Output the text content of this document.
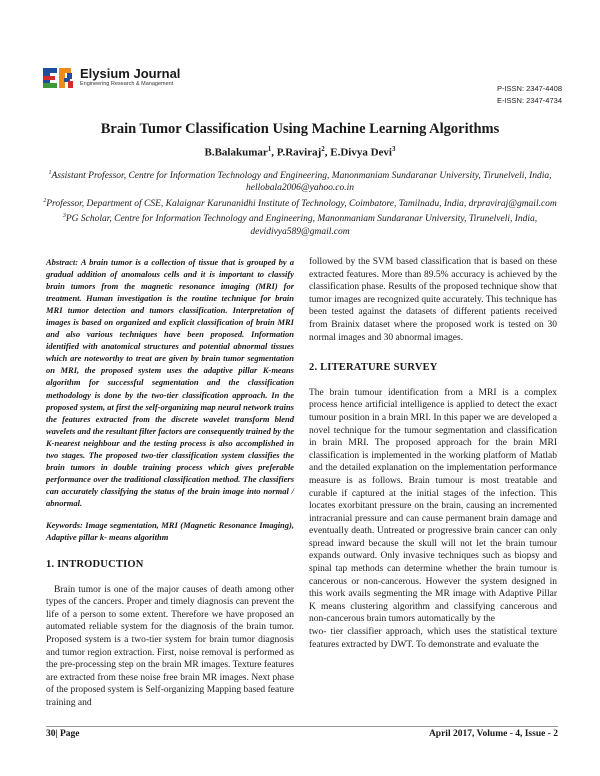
Elysium Journal
Engineering Research & Management	P-ISSN: 2347-4408
E-ISSN: 2347-4734
Brain Tumor Classification Using Machine Learning Algorithms
B.Balakumar$^1$, P.Raviraj$^2$, E.Divya Devi$^3$
$^1$Assistant Professor, Centre for Information Technology and Engineering, Manonmaniam Sundaranar University, Tirunelveli, India, hellobala2006@yahoo.co.in
$^2$Professor, Department of CSE, Kalaignar Karunanidhi Institute of Technology, Coimbatore, Tamilnadu, India, drpraviraj@gmail.com
$^3$PG Scholar, Centre for Information Technology and Engineering, Manonmaniam Sundaranar University, Tirunelveli, India, devidivya589@gmail.com
Abstract: A brain tumor is a collection of tissue that is grouped by a gradual addition of anomalous cells and it is important to classify brain tumors from the magnetic resonance imaging (MRI) for treatment. Human investigation is the routine technique for brain MRI tumor detection and tumors classification. Interpretation of images is based on organized and explicit classification of brain MRI and also various techniques have been proposed. Information identified with anatomical structures and potential abnormal tissues which are noteworthy to treat are given by brain tumor segmentation on MRI, the proposed system uses the adaptive pillar K-means algorithm for successful segmentation and the classification methodology is done by the two-tier classification approach. In the proposed system, at first the self-organizing map neural network trains the features extracted from the discrete wavelet transform blend wavelets and the resultant filter factors are consequently trained by the K-nearest neighbour and the testing process is also accomplished in two stages. The proposed two-tier classification system classifies the brain tumors in double training process which gives preferable performance over the traditional classification method. The classifiers can accurately classifying the status of the brain image into normal / abnormal.
Keywords: Image segmentation, MRI (Magnetic Resonance Imaging), Adaptive pillar k- means algorithm
1. INTRODUCTION
Brain tumor is one of the major causes of death among other types of the cancers. Proper and timely diagnosis can prevent the life of a person to some extent. Therefore we have proposed an automated reliable system for the diagnosis of the brain tumor. Proposed system is a two-tier system for brain tumor diagnosis and tumor region extraction. First, noise removal is performed as the pre-processing step on the brain MR images. Texture features are extracted from these noise free brain MR images. Next phase of the proposed system is Self-organizing Mapping based feature training and
followed by the SVM based classification that is based on these extracted features. More than 89.5% accuracy is achieved by the classification phase. Results of the proposed technique show that tumor images are recognized quite accurately. This technique has been tested against the datasets of different patients received from Brainix dataset where the proposed work is tested on 30 normal images and 30 abnormal images.
2. LITERATURE SURVEY
The brain tumour identification from a MRI is a complex process hence artificial intelligence is applied to detect the exact tumour position in a brain MRI. In this paper we are developed a novel technique for the tumour segmentation and classification in brain MRI. The proposed approach for the brain MRI classification is implemented in the working platform of Matlab and the detailed explanation on the implementation performance measure is as follows. Brain tumour is most treatable and curable if captured at the initial stages of the infection. This locates exorbitant pressure on the brain, causing an incremented intracranial pressure and can cause permanent brain damage and eventually death. Untreated or progressive brain cancer can only spread inward because the skull will not let the brain tumour expands outward. Only invasive techniques such as biopsy and spinal tap methods can determine whether the brain tumour is cancerous or non-cancerous. However the system designed in this work avails segmenting the MR image with Adaptive Pillar K means clustering algorithm and classifying cancerous and non-cancerous brain tumors automatically by the
two- tier classifier approach, which uses the statistical texture features extracted by DWT. To demonstrate and evaluate the
30| Page	April 2017, Volume - 4, Issue - 2
